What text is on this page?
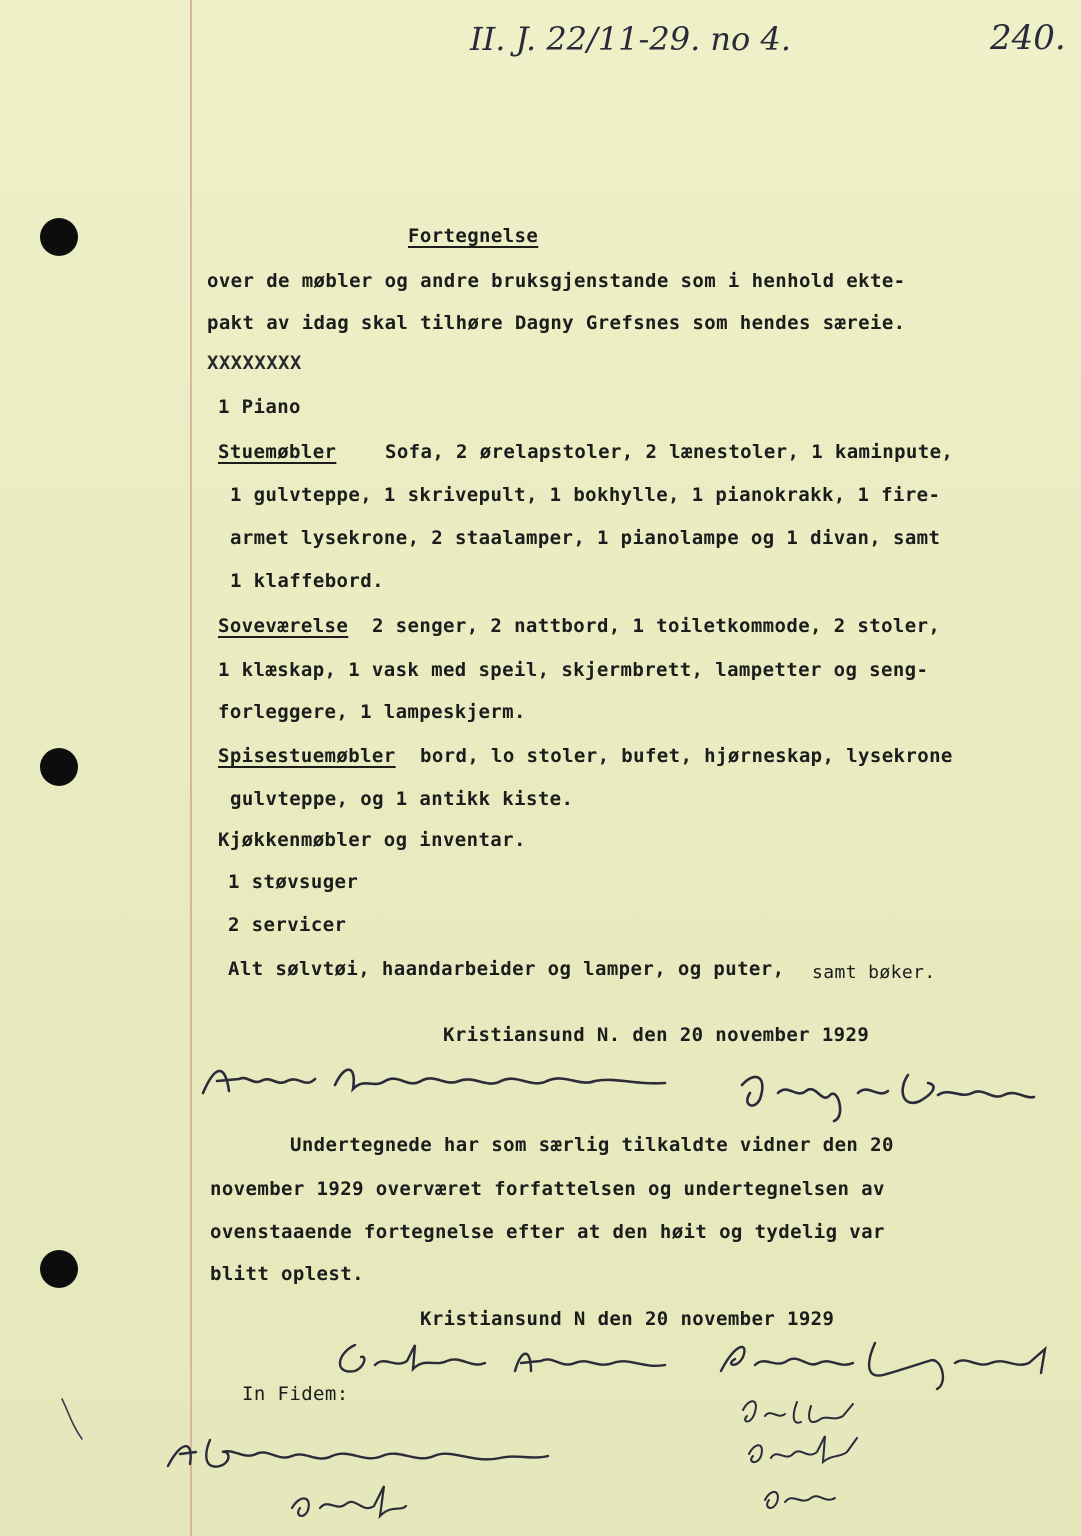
II. J. 22/11-29. no 4.	240.
Fortegnelse
over de møbler og andre bruksgjenstande som i henhold ekte-
pakt av idag skal tilhøre Dagny Grefsnes som hendes særeie.
XXXXXXXX
1 Piano
Stuemøbler	Sofa, 2 ørelapstoler, 2 lænestoler, 1 kaminpute,
1 gulvteppe, 1 skrivepult, 1 bokhylle, 1 pianokrakk, 1 fire-
armet lysekrone, 2 staalamper, 1 pianolampe og 1 divan, samt
1 klaffebord.
Soveværelse 2 senger, 2 nattbord, 1 toiletkommode, 2 stoler,
1 klæskap, 1 vask med speil, skjermbrett, lampetter og seng-
forleggere, 1 lampeskjerm.
Spisestuemøbler bord, lo stoler, bufet, hjørneskap, lysekrone
gulvteppe, og 1 antikk kiste.
Kjøkkenmøbler og inventar.
1 støvsuger
2 servicer
Alt sølvtøi, haandarbeider og lamper, og puter, samt bøker.
Kristiansund N. den 20 november 1929
Undertegnede har som særlig tilkaldte vidner den 20
november 1929 overværet forfattelsen og undertegnelsen av
ovenstaaende fortegnelse efter at den høit og tydelig var
blitt oplest.
Kristiansund N den 20 november 1929
In Fidem:
